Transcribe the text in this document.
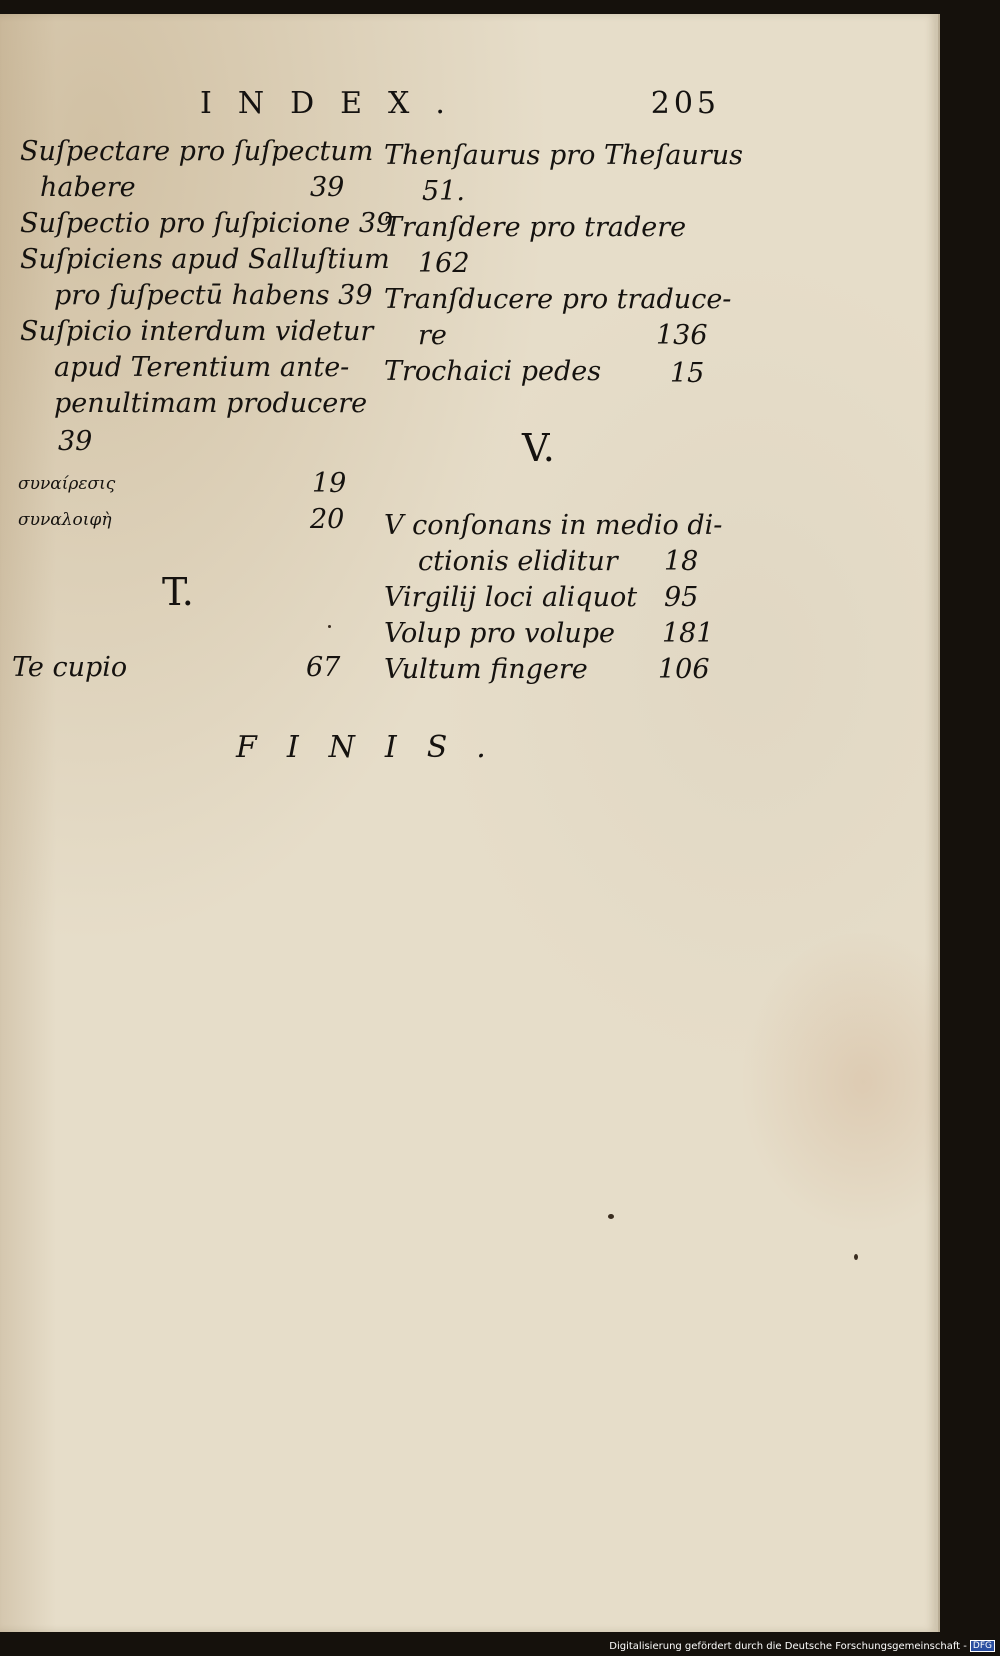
INDEX.	205
Suſpectare pro ſuſpectum
habere	39
Suſpectio pro ſuſpicione 39
Suſpiciens apud Salluſtium
pro ſuſpectū habens 39
Suſpicio interdum videtur
apud Terentium ante-
penultimam producere
39
συναίρεσις	19
συναλοιφὴ	20
T.
Te cupio	67
Thenſaurus pro Theſaurus
51.
Tranſdere pro tradere
162
Tranſducere pro traduce-
re	136
Trochaici pedes	15
V.
V conſonans in medio di-
ctionis eliditur 18
Virgilij loci aliquot 95
Volup pro volupe 181
Vultum fingere	106
FINIS.
Digitalisierung gefördert durch die Deutsche Forschungsgemeinschaft - DFG
